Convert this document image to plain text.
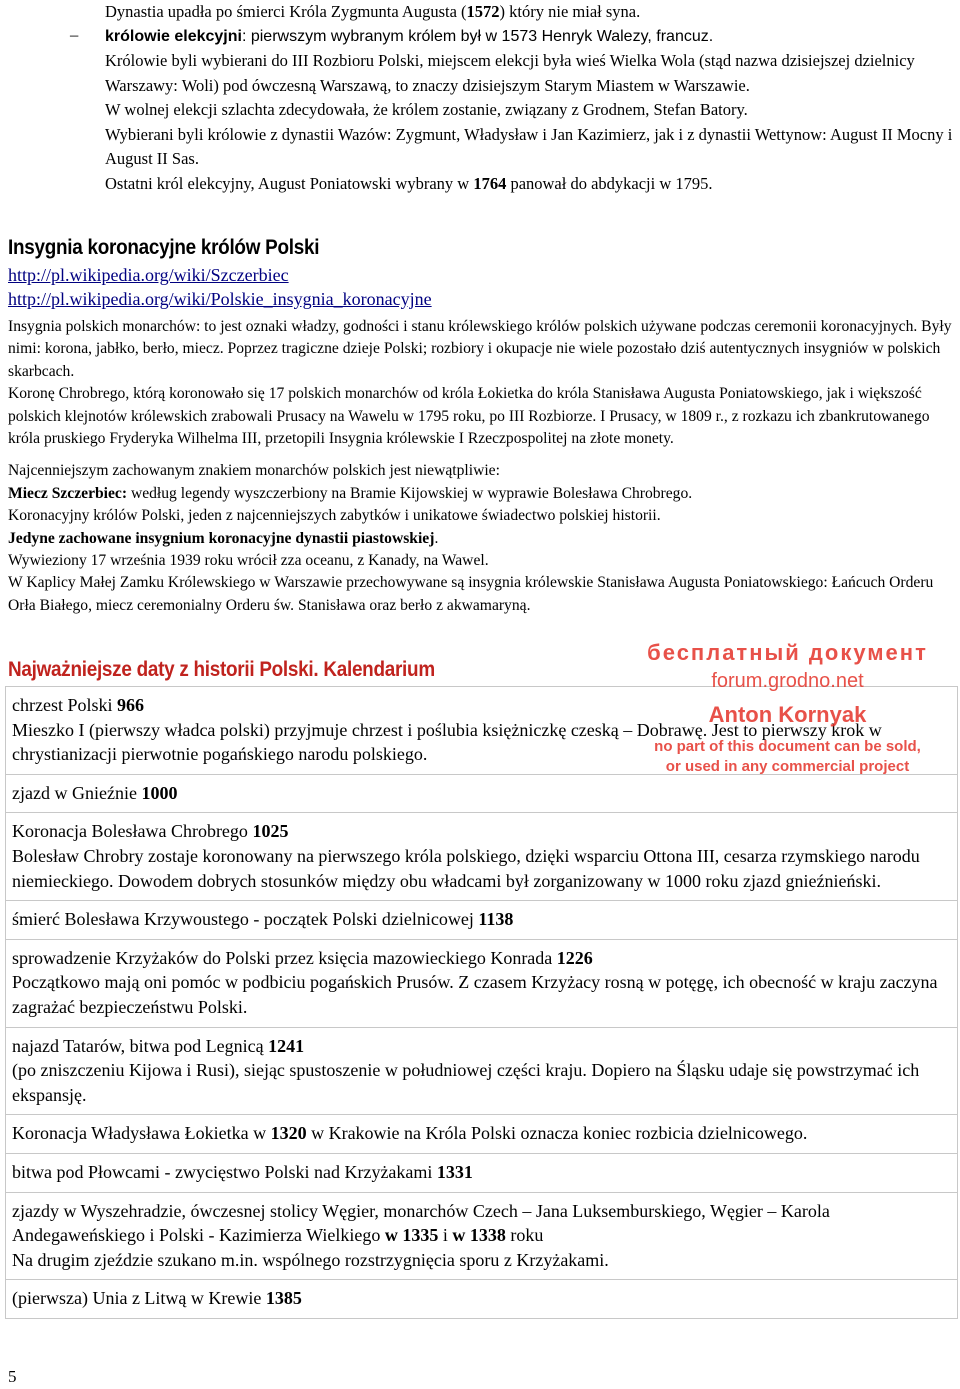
Dynastia upadła po śmierci Króla Zygmunta Augusta (1572) który nie miał syna.
– królowie elekcyjni: pierwszym wybranym królem był w 1573 Henryk Walezy, francuz.

Królowie byli wybierani do III Rozbioru Polski, miejscem elekcji była wieś Wielka Wola (stąd nazwa dzisiejszej dzielnicy Warszawy: Woli) pod ówczesną Warszawą, to znaczy dzisiejszym Starym Miastem w Warszawie.

W wolnej elekcji szlachta zdecydowała, że królem zostanie, związany z Grodnem, Stefan Batory.

Wybierani byli królowie z dynastii Wazów: Zygmunt, Władysław i Jan Kazimierz, jak i z dynastii Wettynow: August II Mocny i August II Sas.

Ostatni król elekcyjny, August Poniatowski wybrany w 1764 panował do abdykacji w 1795.

Insygnia koronacyjne królów Polski
http://pl.wikipedia.org/wiki/Szczerbiec
http://pl.wikipedia.org/wiki/Polskie_insygnia_koronacyjne

Insygnia polskich monarchów: to jest oznaki władzy, godności i stanu królewskiego królów polskich używane podczas ceremonii koronacyjnych. Były nimi: korona, jabłko, berło, miecz. Poprzez tragiczne dzieje Polski; rozbiory i okupacje nie wiele pozostało dziś autentycznych insygniów w polskich skarbcach.

Koronę Chrobrego, którą koronowało się 17 polskich monarchów od króla Łokietka do króla Stanisława Augusta Poniatowskiego, jak i większość polskich klejnotów królewskich zrabowali Prusacy na Wawelu w 1795 roku, po III Rozbiorze. I Prusacy, w 1809 r., z rozkazu ich zbankrutowanego króla pruskiego Fryderyka Wilhelma III, przetopili Insygnia królewskie I Rzeczpospolitej na złote monety.

Najcenniejszym zachowanym znakiem monarchów polskich jest niewątpliwie:

Miecz Szczerbiec: według legendy wyszczerbiony na Bramie Kijowskiej w wyprawie Bolesława Chrobrego.

Koronacyjny królów Polski, jeden z najcenniejszych zabytków i unikatowe świadectwo polskiej historii.

Jedyne zachowane insygnium koronacyjne dynastii piastowskiej.

Wywieziony 17 września 1939 roku wrócił zza oceanu, z Kanady, na Wawel.

W Kaplicy Małej Zamku Królewskiego w Warszawie przechowywane są insygnia królewskie Stanisława Augusta Poniatowskiego: Łańcuch Orderu Orła Białego, miecz ceremonialny Orderu św. Stanisława oraz berło z akwamaryną.

Najważniejsze daty z historii Polski. Kalendarium

chrzest Polski 966

Mieszko I (pierwszy władca polski) przyjmuje chrzest i poślubia księżniczkę czeską – Dobrawę. Jest to pierwszy krok w chrystianizacji pierwotnie pogańskiego narodu polskiego.

zjazd w Gnieźnie 1000

Koronacja Bolesława Chrobrego 1025

Bolesław Chrobry zostaje koronowany na pierwszego króla polskiego, dzięki wsparciu Ottona III, cesarza rzymskiego narodu niemieckiego. Dowodem dobrych stosunków między obu władcami był zorganizowany w 1000 roku zjazd gnieźnieński.

śmierć Bolesława Krzywoustego - początek Polski dzielnicowej 1138

sprowadzenie Krzyżaków do Polski przez księcia mazowieckiego Konrada 1226

Początkowo mają oni pomóc w podbiciu pogańskich Prusów. Z czasem Krzyżacy rosną w potęgę, ich obecność w kraju zaczyna zagrażać bezpieczeństwu Polski.

najazd Tatarów, bitwa pod Legnicą 1241

(po zniszczeniu Kijowa i Rusi), siejąc spustoszenie w południowej części kraju. Dopiero na Śląsku udaje się powstrzymać ich ekspansję.

Koronacja Władysława Łokietka w 1320 w Krakowie na Króla Polski oznacza koniec rozbicia dzielnicowego.

bitwa pod Płowcami - zwycięstwo Polski nad Krzyżakami 1331

zjazdy w Wyszehradzie, ówczesnej stolicy Węgier, monarchów Czech – Jana Luksemburskiego, Węgier – Karola Andegaweńskiego i Polski - Kazimierza Wielkiego w 1335 i w 1338 roku

Na drugim zjeździe szukano m.in. wspólnego rozstrzygnięcia sporu z Krzyżakami.

(pierwsza) Unia z Litwą w Krewie 1385

бесплатный документ
forum.grodno.net
Anton Kornyak
no part of this document can be sold,
or used in any commercial project
5
